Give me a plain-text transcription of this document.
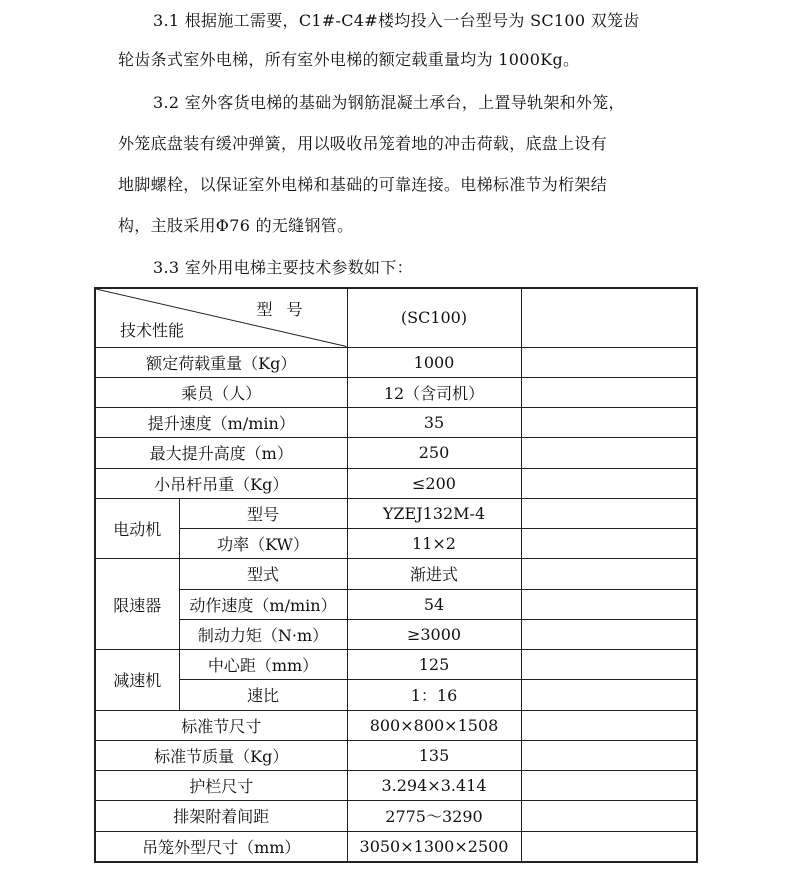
3.1 根据施工需要，C1#-C4#楼均投入一台型号为 SC100 双笼齿
轮齿条式室外电梯，所有室外电梯的额定载重量均为 1000Kg。
3.2 室外客货电梯的基础为钢筋混凝土承台，上置导轨架和外笼，
外笼底盘装有缓冲弹簧，用以吸收吊笼着地的冲击荷载，底盘上设有
地脚螺栓，以保证室外电梯和基础的可靠连接。电梯标准节为桁架结
构，主肢采用Φ76 的无缝钢管。
3.3 室外用电梯主要技术参数如下：
型号
技术性能		(SC100)	
额定荷载重量（Kg）		1000	
乘员（人）		12（含司机）	
提升速度（m/min）		35	
最大提升高度（m）		250	
小吊杆吊重（Kg）		≤200	
电动机	型号	YZEJ132M-4	
	功率（KW）	11×2	
限速器	型式	渐进式	
	动作速度（m/min）	54	
	制动力矩（N·m）	≥3000	
减速机	中心距（mm）	125	
	速比	1：16	
标准节尺寸		800×800×1508	
标准节质量（Kg）		135	
护栏尺寸		3.294×3.414	
排架附着间距		2775～3290	
吊笼外型尺寸（mm）		3050×1300×2500	
